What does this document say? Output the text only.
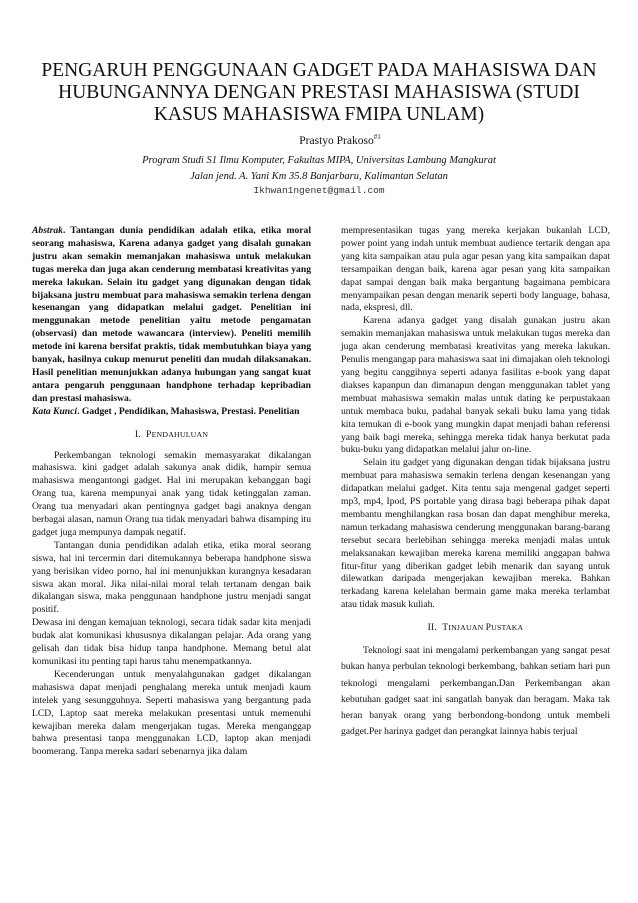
PENGARUH PENGGUNAAN GADGET PADA MAHASISWA DAN HUBUNGANNYA DENGAN PRESTASI MAHASISWA (STUDI KASUS MAHASISWA FMIPA UNLAM)
Prastyo Prakoso$^{\#1}$
Program Studi S1 Ilmu Komputer, Fakultas MIPA, Universitas Lambung Mangkurat
Jalan jend. A. Yani Km 35.8 Banjarbaru, Kalimantan Selatan
Ikhwan1ngenet@gmail.com

Abstrak. Tantangan dunia pendidikan adalah etika, etika moral seorang mahasiswa, Karena adanya gadget yang disalah gunakan justru akan semakin memanjakan mahasiswa untuk melakukan tugas mereka dan juga akan cenderung membatasi kreativitas yang mereka lakukan. Selain itu gadget yang digunakan dengan tidak bijaksana justru membuat para mahasiswa semakin terlena dengan kesenangan yang didapatkan melalui gadget. Penelitian ini menggunakan metode penelitian yaitu metode pengamatan (observasi) dan metode wawancara (interview). Peneliti memilih metode ini karena bersifat praktis, tidak membutuhkan biaya yang banyak, hasilnya cukup menurut peneliti dan mudah dilaksanakan. Hasil penelitian menunjukkan adanya hubungan yang sangat kuat antara pengaruh penggunaan handphone terhadap kepribadian dan prestasi mahasiswa.

Kata Kunci. Gadget , Pendidikan, Mahasiswa, Prestasi. Penelitian

I. PENDAHULUAN

Perkembangan teknologi semakin memasyarakat dikalangan mahasiswa. kini gadget adalah sakunya anak didik, hampir semua mahasiswa mengantongi gadget. Hal ini merupakan kebanggan bagi Orang tua, karena mempunyai anak yang tidak ketinggalan zaman. Orang tua menyadari akan pentingnya gadget bagi anaknya dengan berbagai alasan, namun Orang tua tidak menyadari bahwa disamping itu gadget juga mempunya dampak negatif.

Tantangan dunia pendidikan adalah etika, etika moral seorang siswa, hal ini tercermin dari ditemukannya beberapa handphone siswa yang berisikan video porno, hal ini menunjukkan kurangnya kesadaran siswa akan moral. Jika nilai-nilai moral telah tertanam dengan baik dikalangan siswa, maka penggunaan handphone justru menjadi sangat positif.

Dewasa ini dengan kemajuan teknologi, secara tidak sadar kita menjadi budak alat komunikasi khususnya dikalangan pelajar. Ada orang yang gelisah dan tidak bisa hidup tanpa handphone. Memang betul alat komunikasi itu penting tapi harus tahu menempatkannya.

Kecenderungan untuk menyalahgunakan gadget dikalangan mahasiswa dapat menjadi penghalang mereka untuk menjadi kaum intelek yang sesungguhnya. Seperti mahasiswa yang bergantung pada LCD, Laptop saat mereka melakukan presentasi untuk memenuhi kewajiban mereka dalam mengerjakan tugas. Mereka menganggap bahwa presentasi tanpa menggunakan LCD, laptop akan menjadi boomerang. Tanpa mereka sadari sebenarnya jika dalam

mempresentasikan tugas yang mereka kerjakan bukanlah LCD, power point yang indah untuk membuat audience tertarik dengan apa yang kita sampaikan atau pula agar pesan yang kita sampaikan dapat tersampaikan dengan baik, karena agar pesan yang kita sampaikan dapat sampai dengan baik maka bergantung bagaimana pembicara menyampaikan pesan dengan menarik seperti body language, bahasa, nada, ekspresi, dll.

Karena adanya gadget yang disalah gunakan justru akan semakin memanjakan mahasiswa untuk melakukan tugas mereka dan juga akan cenderung membatasi kreativitas yang mereka lakukan. Penulis mengangap para mahasiswa saat ini dimajakan oleh teknologi yang begitu canggihnya seperti adanya fasilitas e-book yang dapat diakses kapanpun dan dimanapun dengan menggunakan tablet yang membuat mahasiswa semakin malas untuk dating ke perpustakaan untuk membaca buku, padahal banyak sekali buku lama yang tidak kita temukan di e-book yang mungkin dapat menjadi bahan referensi yang baik bagi mereka, sehingga mereka tidak hanya berkutat pada buku-buku yang didapatkan melalui jalur on-line.

Selain itu gadget yang digunakan dengan tidak bijaksana justru membuat para mahasiswa semakin terlena dengan kesenangan yang didapatkan melalui gadget. Kita tentu saja mengenal gadget seperti mp3, mp4, Ipod, PS portable yang dirasa bagi beberapa pihak dapat membantu menghilangkan rasa bosan dan dapat menghibur mereka, namun terkadang mahasiswa cenderung menggunakan barang-barang tersebut secara berlebihan sehingga mereka menjadi malas untuk melaksanakan kewajiban mereka karena memiliki anggapan bahwa fitur-fitur yang diberikan gadget lebih menarik dan sayang untuk dilewatkan daripada mengerjakan kewajiban mereka. Bahkan terkadang karena kelelahan bermain game maka mereka terlambat atau tidak masuk kuliah.

II. TINJAUAN PUSTAKA

Teknologi saat ini mengalami perkembangan yang sangat pesat bukan hanya perbulan teknologi berkembang, bahkan setiam hari pun teknologi mengalami perkembangan.Dan Perkembangan akan kebutuhan gadget saat ini sangatlah banyak dan beragam. Maka tak heran banyak orang yang berbondong-bondong untuk membeli gadget.Per harinya gadget dan perangkat lainnya habis terjual
